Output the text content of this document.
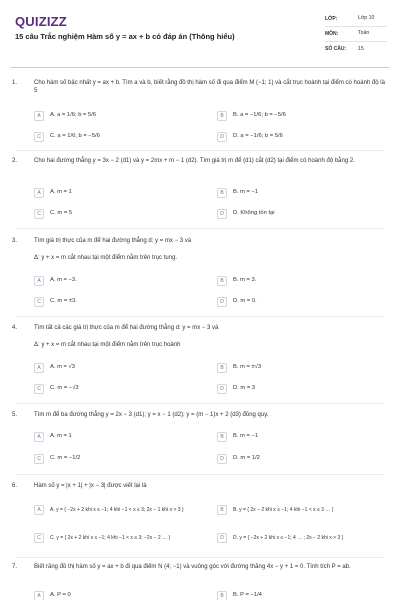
QUIZIZZ
15 câu Trắc nghiệm Hàm số y = ax + b có đáp án (Thông hiểu)
LỚP:	Lớp 10
MÔN:	Toán
SỐ CÂU:	15
1.	Cho hàm số bậc nhất y = ax + b. Tìm a và b, biết rằng đồ thị hàm số đi qua điểm M (−1; 1) và cắt trục hoành tại điểm có hoành độ là 5
A	A. a = 1/6; b = 5/6	B	B. a = −1/6; b = −5/6
C	C. a = 1/6; b = −5/6	D	D. a = −1/6; b = 5/6
2.	Cho hai đường thẳng y = 3x − 2 (d1) và y = 2mx + m − 1 (d2). Tìm giá trị m để (d1) cắt (d2) tại điểm có hoành độ bằng 2.
A	A. m = 1	B	B. m = −1
C	C. m = 5	D	D. Không tồn tại
3.	Tìm giá trị thực của m để hai đường thẳng d: y = mx − 3 và
Δ: y + x = m cắt nhau tại một điểm nằm trên trục tung.
A	A. m = −3.	B	B. m = 3.
C	C. m = ±3.	D	D. m = 0.
4.	Tìm tất cả các giá trị thực của m để hai đường thẳng d: y = mx − 3 và
Δ: y + x = m cắt nhau tại một điểm nằm trên trục hoành
A	A. m = √3	B	B. m = ±√3
C	C. m = −√3	D	D. m = 3
5.	Tìm m để ba đường thẳng y = 2x − 3 (d1); y = x − 1 (d2); y = (m − 1)x + 2 (d3) đồng quy.
A	A. m = 1	B	B. m = −1
C	C. m = −1/2	D	D. m = 1/2
6.	Hàm số y = |x + 1| + |x − 3| được viết lại là
A	A. y = { −2x + 2 khi x ≤ −1; 4 khi −1 < x ≤ 3; 2x − 1 khi x > 3 }	B	B. y = { 2x − 2 khi x ≤ −1; 4 khi −1 < x ≤ 3 … }
C	C. y = { 2x + 2 khi x ≤ −1; 4 khi −1 < x ≤ 3; −2x − 2 … }	D	D. y = { −2x + 2 khi x ≤ −1; 4 … ; 2x − 2 khi x > 3 }
7.	Biết rằng đồ thị hàm số y = ax + b đi qua điểm N (4; −1) và vuông góc với đường thẳng 4x − y + 1 = 0. Tính tích P = ab.
A	A. P = 0	B	B. P = −1/4
